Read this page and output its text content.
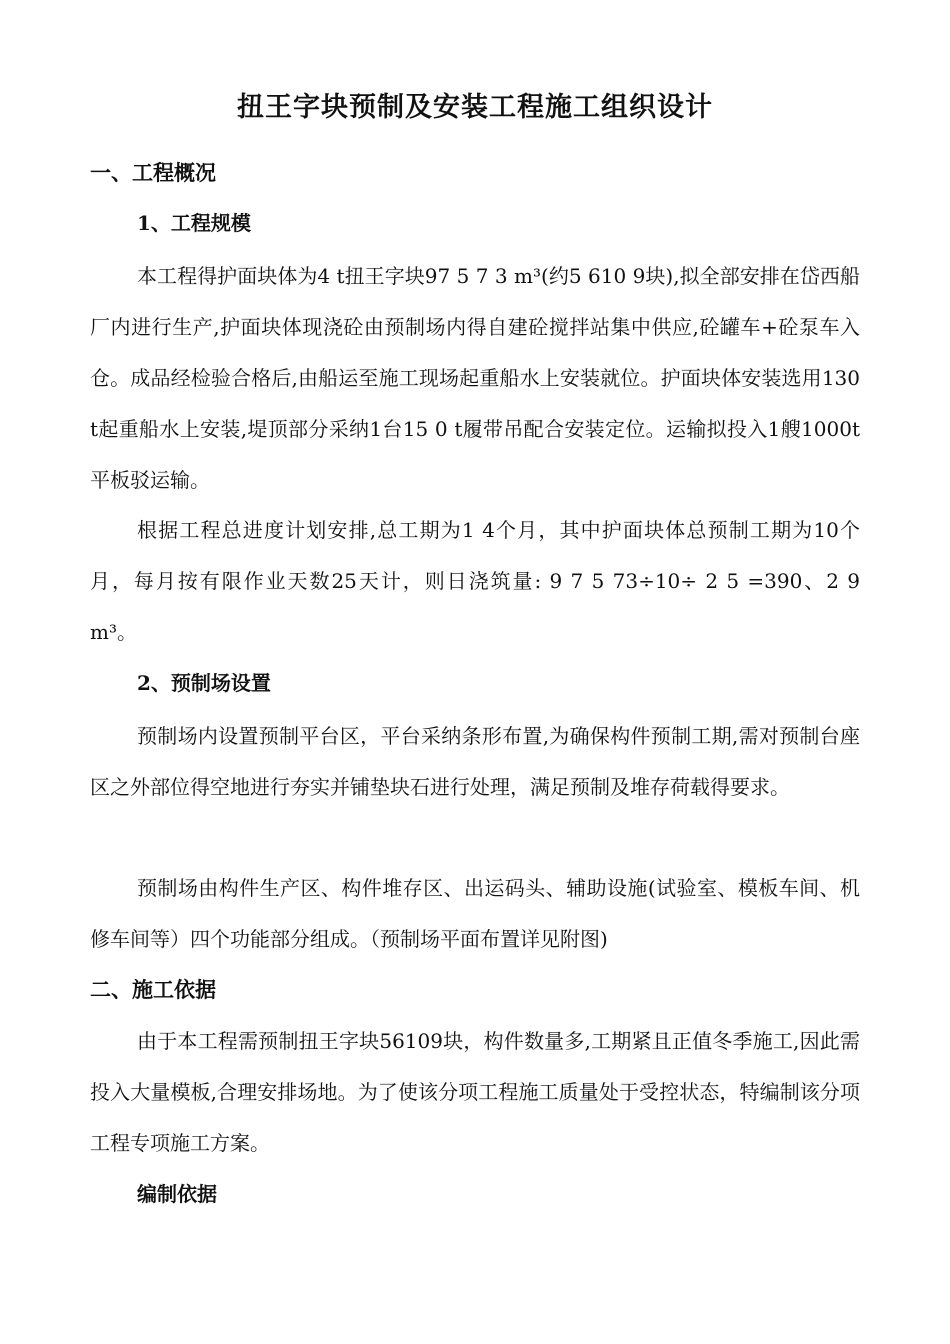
扭王字块预制及安装工程施工组织设计
一、工程概况
1、工程规模

本工程得护面块体为4 t扭王字块97 5 7 3 m³(约5 610 9块),拟全部安排在岱西船厂内进行生产,护面块体现浇砼由预制场内得自建砼搅拌站集中供应,砼罐车+砼泵车入仓。成品经检验合格后,由船运至施工现场起重船水上安装就位。护面块体安装选用130 t起重船水上安装,堤顶部分采纳1台15 0 t履带吊配合安装定位。运输拟投入1艘1000t平板驳运输。

根据工程总进度计划安排,总工期为1 4个月，其中护面块体总预制工期为10个月，每月按有限作业天数25天计，则日浇筑量: 9 7 5 73÷10÷ 2 5 =390、2 9　m³。

2、预制场设置

预制场内设置预制平台区，平台采纳条形布置,为确保构件预制工期,需对预制台座区之外部位得空地进行夯实并铺垫块石进行处理，满足预制及堆存荷载得要求。

预制场由构件生产区、构件堆存区、出运码头、辅助设施(试验室、模板车间、机修车间等）四个功能部分组成。（预制场平面布置详见附图)

二、施工依据

由于本工程需预制扭王字块56109块，构件数量多,工期紧且正值冬季施工,因此需投入大量模板,合理安排场地。为了使该分项工程施工质量处于受控状态，特编制该分项工程专项施工方案。

编制依据
